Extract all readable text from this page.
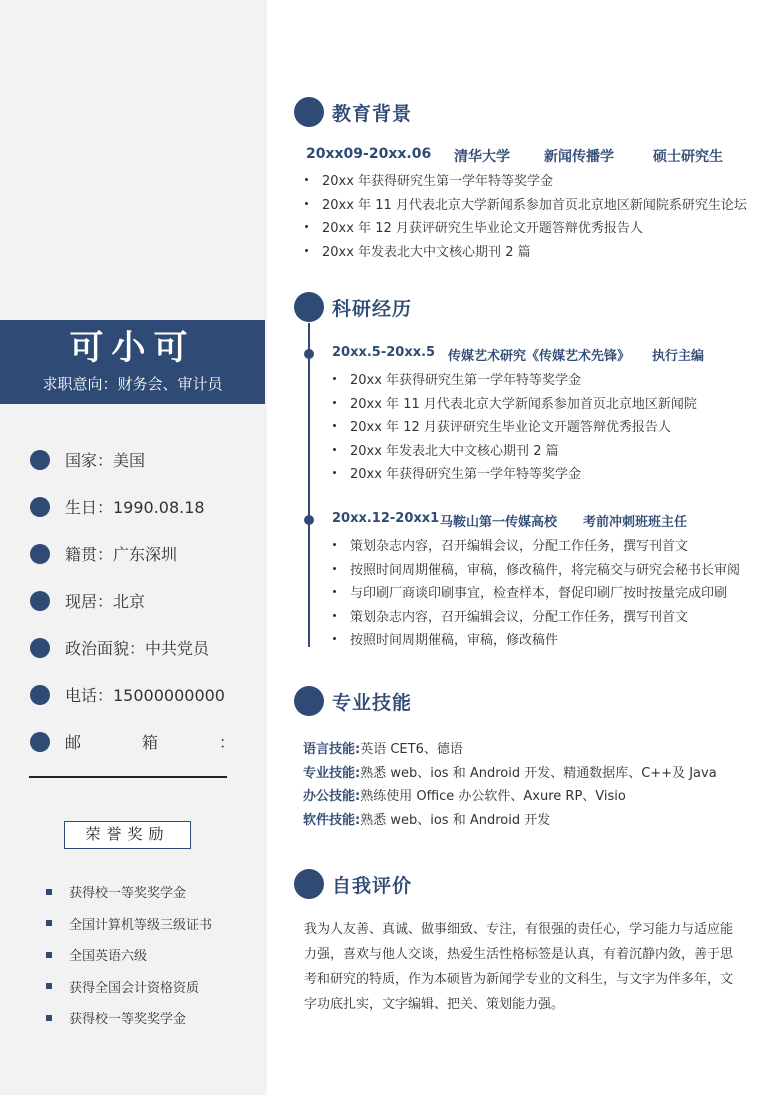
可小可
求职意向：财务会、审计员
国家：美国
生日：1990.08.18
籍贯：广东深圳
现居：北京
政治面貌：中共党员
电话：15000000000
邮	箱	：
荣誉奖励
获得校一等奖奖学金
全国计算机等级三级证书
全国英语六级
获得全国会计资格资质
获得校一等奖奖学金
教育背景
20xx09-20xx.06 清华大学 新闻传播学	硕士研究生
20xx 年获得研究生第一学年特等奖学金
20xx 年 11 月代表北京大学新闻系参加首页北京地区新闻院系研究生论坛
20xx 年 12 月获评研究生毕业论文开题答辩优秀报告人
20xx 年发表北大中文核心期刊 2 篇
科研经历
20xx.5-20xx.5 传媒艺术研究《传媒艺术先锋》 执行主编
20xx 年获得研究生第一学年特等奖学金
20xx 年 11 月代表北京大学新闻系参加首页北京地区新闻院
20xx 年 12 月获评研究生毕业论文开题答辩优秀报告人
20xx 年发表北大中文核心期刊 2 篇
20xx 年获得研究生第一学年特等奖学金
20xx.12-20xx1 马鞍山第一传媒高校 考前冲刺班班主任
策划杂志内容，召开编辑会议，分配工作任务，撰写刊首文
按照时间周期催稿，审稿，修改稿件，将完稿交与研究会秘书长审阅
与印刷厂商谈印刷事宜，检查样本，督促印刷厂按时按量完成印刷
策划杂志内容，召开编辑会议，分配工作任务，撰写刊首文
按照时间周期催稿，审稿，修改稿件
专业技能
语言技能: 英语 CET6、德语
专业技能: 熟悉 web、ios 和 Android 开发、精通数据库、C++及 Java
办公技能: 熟练使用 Office 办公软件、Axure RP、Visio
软件技能: 熟悉 web、ios 和 Android 开发
自我评价
我为人友善、真诚、做事细致、专注，有很强的责任心，学习能力与适应能力强，喜欢与他人交谈，热爱生活性格标签是认真，有着沉静内敛，善于思考和研究的特质，作为本硕皆为新闻学专业的文科生，与文字为伴多年，文字功底扎实，文字编辑、把关、策划能力强。
